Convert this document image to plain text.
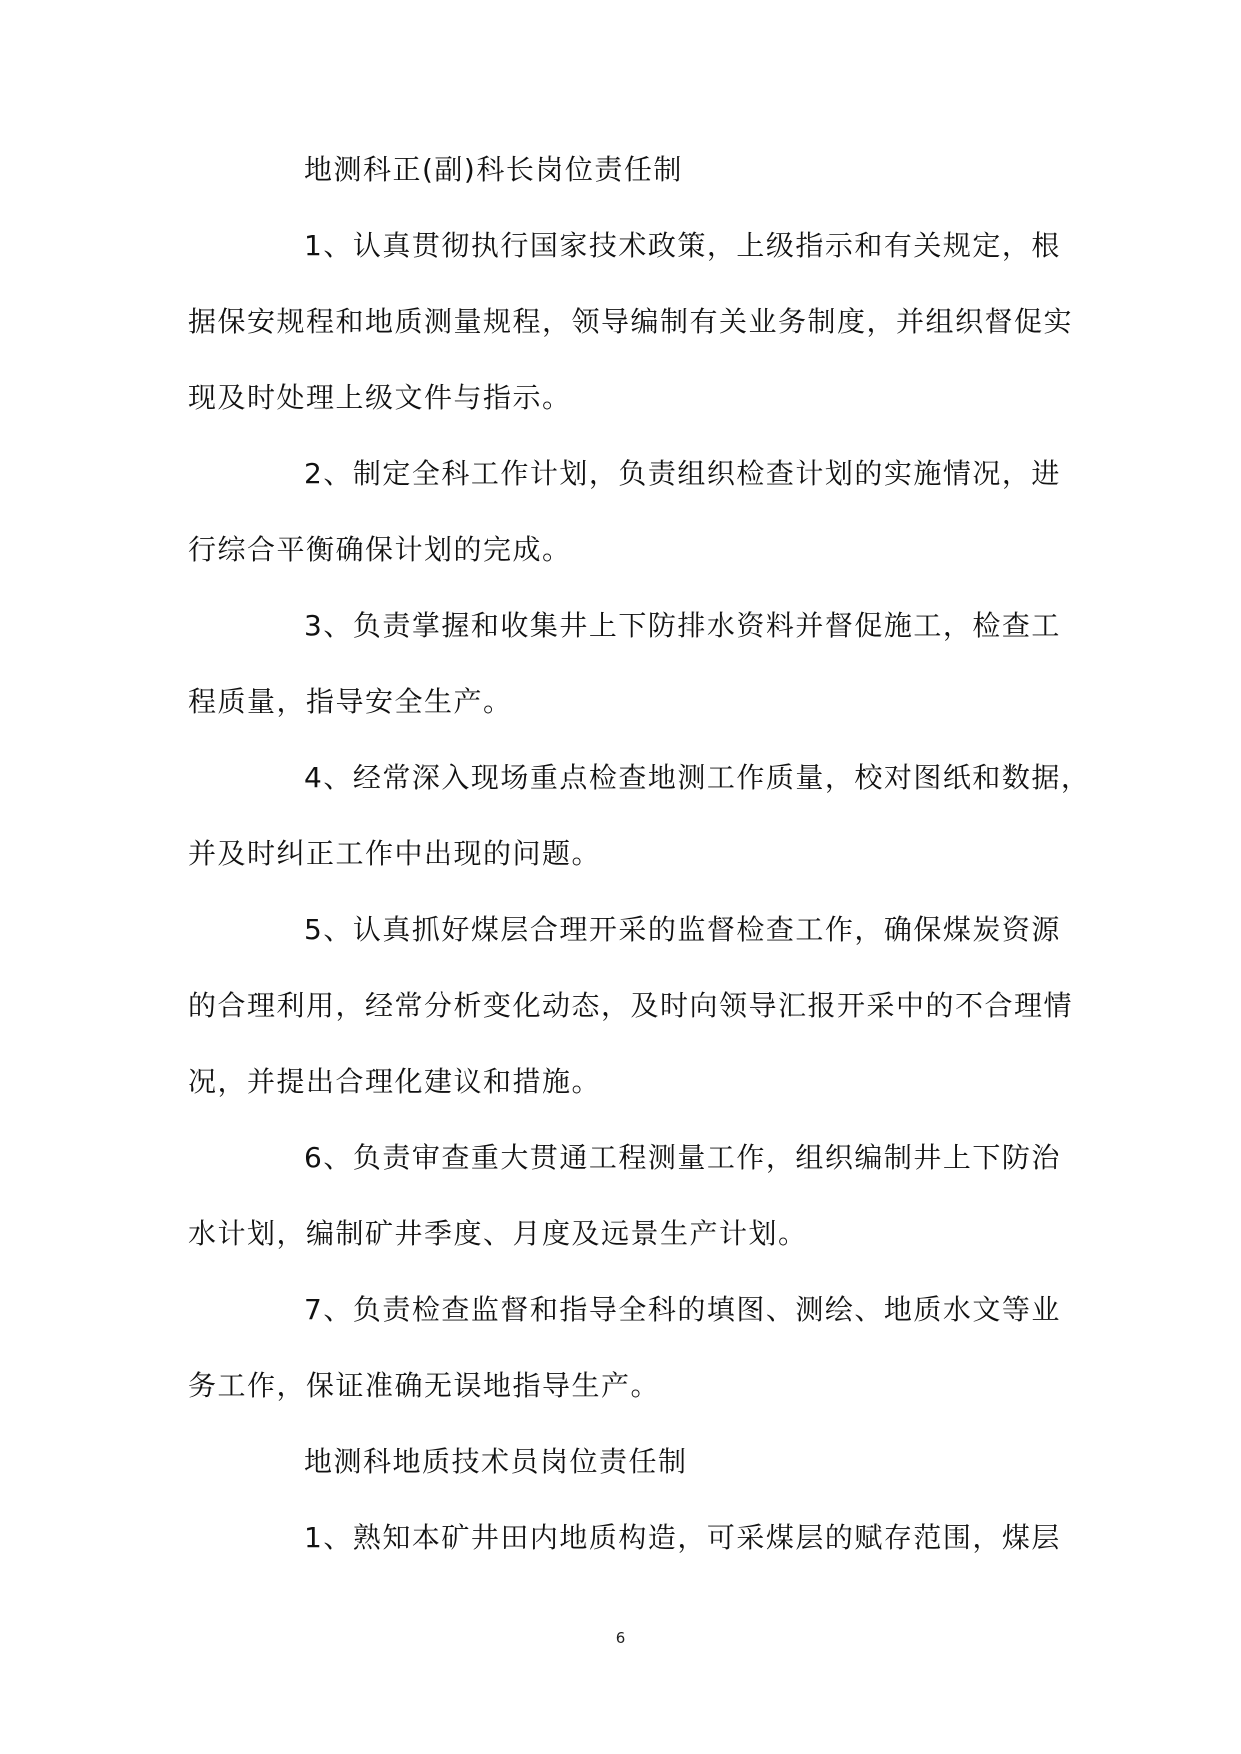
地测科正(副)科长岗位责任制
1、认真贯彻执行国家技术政策，上级指示和有关规定，根
据保安规程和地质测量规程，领导编制有关业务制度，并组织督促实
现及时处理上级文件与指示。
2、制定全科工作计划，负责组织检查计划的实施情况，进
行综合平衡确保计划的完成。
3、负责掌握和收集井上下防排水资料并督促施工，检查工
程质量，指导安全生产。
4、经常深入现场重点检查地测工作质量，校对图纸和数据，
并及时纠正工作中出现的问题。
5、认真抓好煤层合理开采的监督检查工作，确保煤炭资源
的合理利用，经常分析变化动态，及时向领导汇报开采中的不合理情
况，并提出合理化建议和措施。
6、负责审查重大贯通工程测量工作，组织编制井上下防治
水计划，编制矿井季度、月度及远景生产计划。
7、负责检查监督和指导全科的填图、测绘、地质水文等业
务工作，保证准确无误地指导生产。
地测科地质技术员岗位责任制
1、熟知本矿井田内地质构造，可采煤层的赋存范围，煤层
6
